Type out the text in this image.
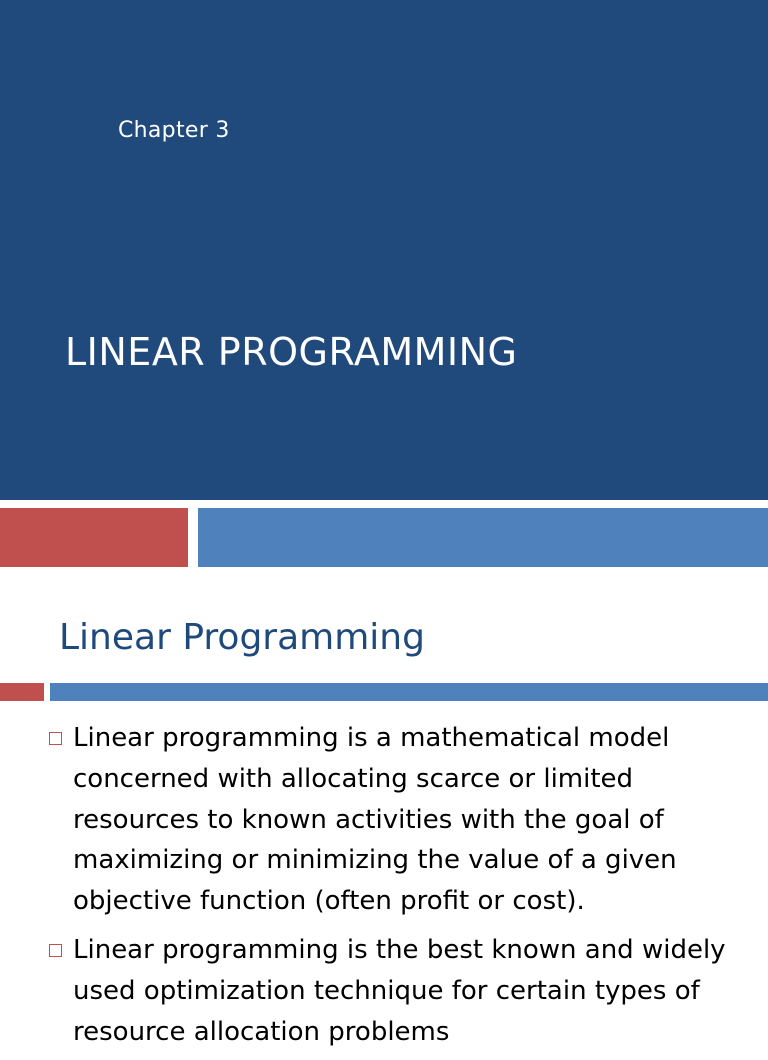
Chapter 3
LINEAR PROGRAMMING
Linear Programming
Linear programming is a mathematical model concerned with allocating scarce or limited resources to known activities with the goal of maximizing or minimizing the value of a given objective function (often profit or cost).
Linear programming is the best known and widely used optimization technique for certain types of resource allocation problems
